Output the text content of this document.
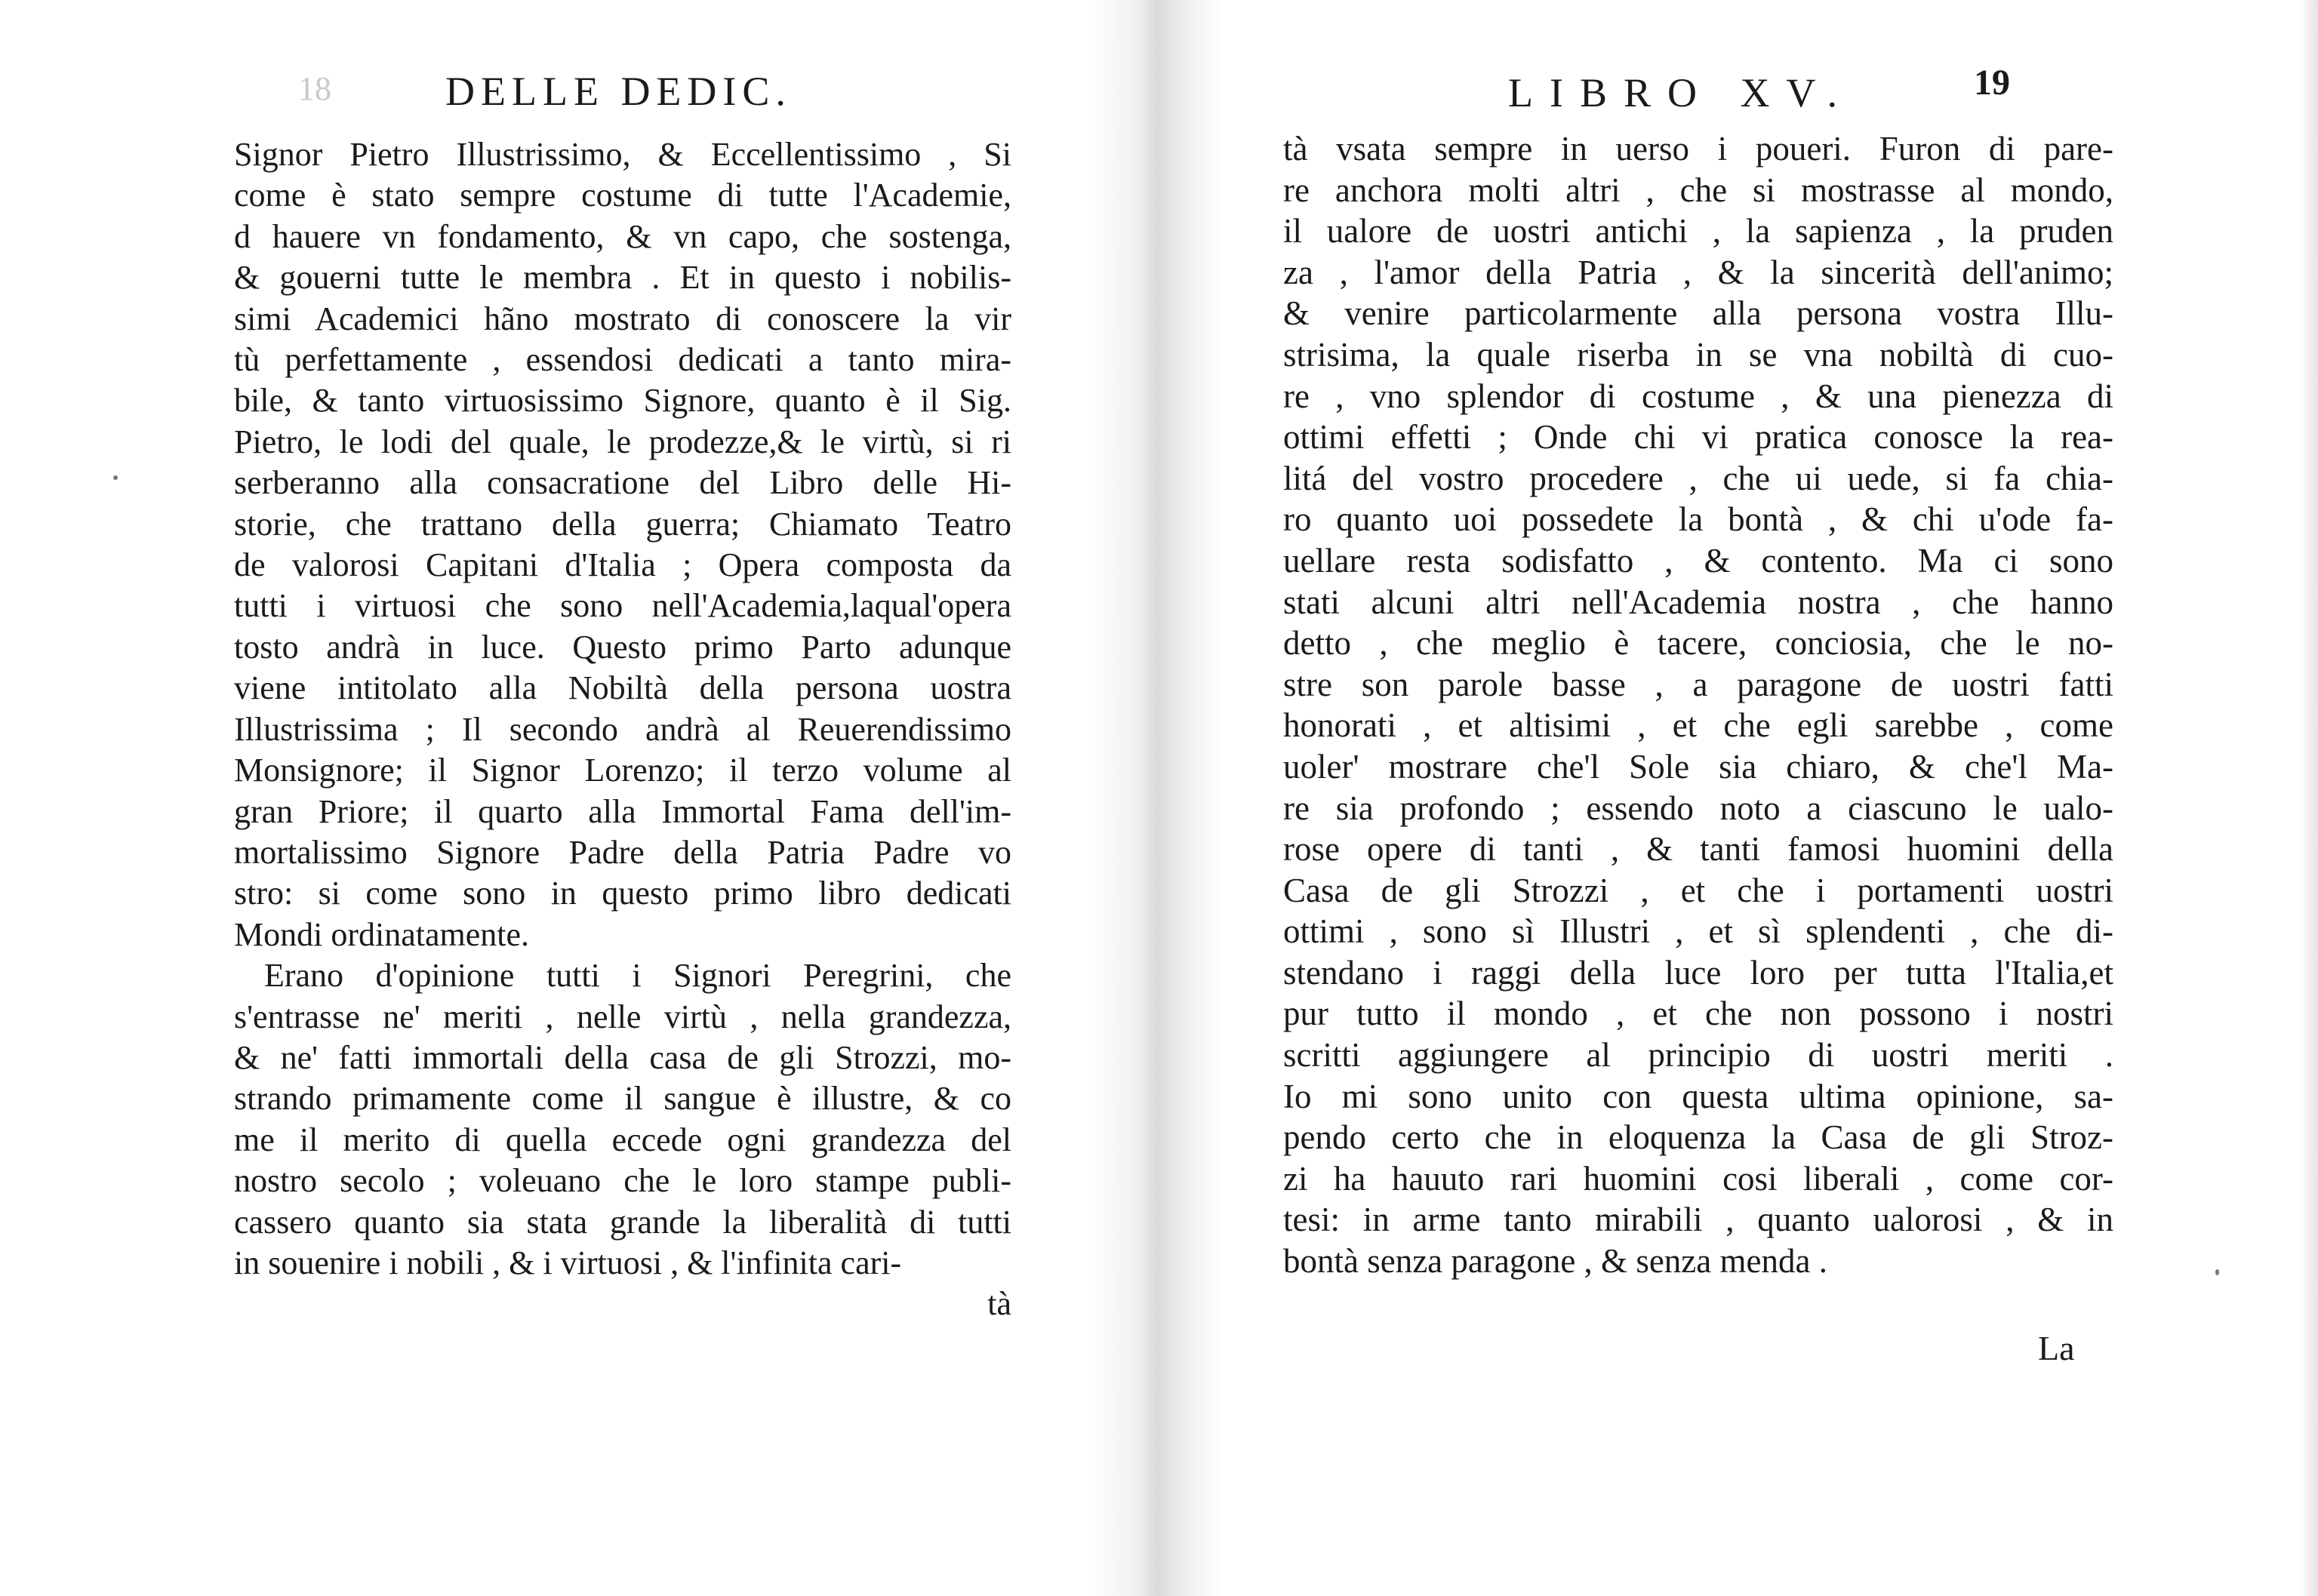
18	DELLE DEDIC.
Signor Pietro Illustrissimo, & Eccellentissimo , Si
come è stato sempre costume di tutte l'Academie,
d hauere vn fondamento, & vn capo, che sostenga,
& gouerni tutte le membra . Et in questo i nobilis-
simi Academici hãno mostrato di conoscere la vir
tù perfettamente , essendosi dedicati a tanto mira-
bile, & tanto virtuosissimo Signore, quanto è il Sig.
Pietro, le lodi del quale, le prodezze,& le virtù, si ri
serberanno alla consacratione del Libro delle Hi-
storie, che trattano della guerra; Chiamato Teatro
de valorosi Capitani d'Italia ; Opera composta da
tutti i virtuosi che sono nell'Academia,laqual'opera
tosto andrà in luce. Questo primo Parto adunque
viene intitolato alla Nobiltà della persona uostra
Illustrissima ; Il secondo andrà al Reuerendissimo
Monsignore; il Signor Lorenzo; il terzo volume al
gran Priore; il quarto alla Immortal Fama dell'im-
mortalissimo Signore Padre della Patria Padre vo
stro: si come sono in questo primo libro dedicati
Mondi ordinatamente.
Erano d'opinione tutti i Signori Peregrini, che
s'entrasse ne' meriti , nelle virtù , nella grandezza,
& ne' fatti immortali della casa de gli Strozzi, mo-
strando primamente come il sangue è illustre, & co
me il merito di quella eccede ogni grandezza del
nostro secolo ; voleuano che le loro stampe publi-
cassero quanto sia stata grande la liberalità di tutti
in souenire i nobili , & i virtuosi , & l'infinita cari-
tà
LIBRO XV.	19
tà vsata sempre in uerso i poueri. Furon di pare-
re anchora molti altri , che si mostrasse al mondo,
il ualore de uostri antichi , la sapienza , la pruden
za , l'amor della Patria , & la sincerità dell'animo;
& venire particolarmente alla persona vostra Illu-
strisima, la quale riserba in se vna nobiltà di cuo-
re , vno splendor di costume , & una pienezza di
ottimi effetti ; Onde chi vi pratica conosce la rea-
litá del vostro procedere , che ui uede, si fa chia-
ro quanto uoi possedete la bontà , & chi u'ode fa-
uellare resta sodisfatto , & contento. Ma ci sono
stati alcuni altri nell'Academia nostra , che hanno
detto , che meglio è tacere, conciosia, che le no-
stre son parole basse , a paragone de uostri fatti
honorati , et altisimi , et che egli sarebbe , come
uoler' mostrare che'l Sole sia chiaro, & che'l Ma-
re sia profondo ; essendo noto a ciascuno le ualo-
rose opere di tanti , & tanti famosi huomini della
Casa de gli Strozzi , et che i portamenti uostri
ottimi , sono sì Illustri , et sì splendenti , che di-
stendano i raggi della luce loro per tutta l'Italia,et
pur tutto il mondo , et che non possono i nostri
scritti aggiungere al principio di uostri meriti .
Io mi sono unito con questa ultima opinione, sa-
pendo certo che in eloquenza la Casa de gli Stroz-
zi ha hauuto rari huomini cosi liberali , come cor-
tesi: in arme tanto mirabili , quanto ualorosi , & in
bontà senza paragone , & senza menda .
La
